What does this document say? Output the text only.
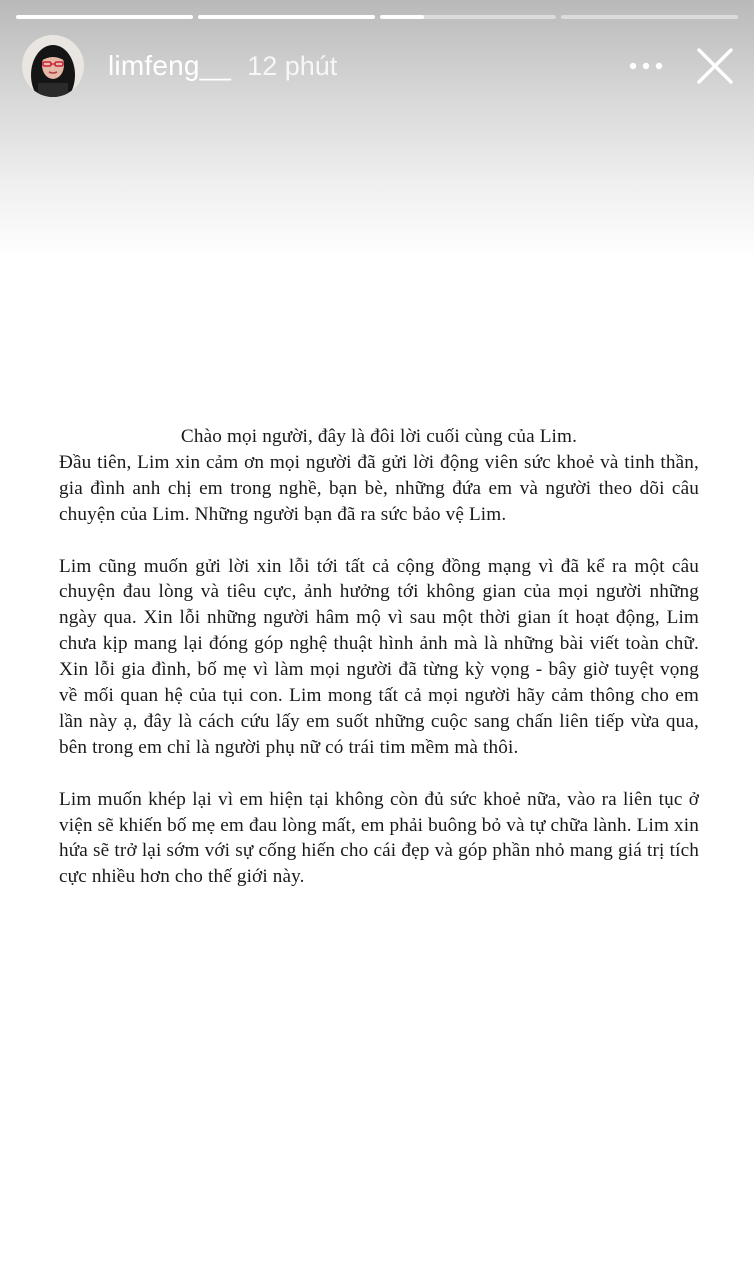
limfeng__ 12 phút

Chào mọi người, đây là đôi lời cuối cùng của Lim.

Đầu tiên, Lim xin cảm ơn mọi người đã gửi lời động viên sức khoẻ và tinh thần, gia đình anh chị em trong nghề, bạn bè, những đứa em và người theo dõi câu chuyện của Lim. Những người bạn đã ra sức bảo vệ Lim.

Lim cũng muốn gửi lời xin lỗi tới tất cả cộng đồng mạng vì đã kể ra một câu chuyện đau lòng và tiêu cực, ảnh hưởng tới không gian của mọi người những ngày qua. Xin lỗi những người hâm mộ vì sau một thời gian ít hoạt động, Lim chưa kịp mang lại đóng góp nghệ thuật hình ảnh mà là những bài viết toàn chữ. Xin lỗi gia đình, bố mẹ vì làm mọi người đã từng kỳ vọng - bây giờ tuyệt vọng về mối quan hệ của tụi con. Lim mong tất cả mọi người hãy cảm thông cho em lần này ạ, đây là cách cứu lấy em suốt những cuộc sang chấn liên tiếp vừa qua, bên trong em chỉ là người phụ nữ có trái tim mềm mà thôi.

Lim muốn khép lại vì em hiện tại không còn đủ sức khoẻ nữa, vào ra liên tục ở viện sẽ khiến bố mẹ em đau lòng mất, em phải buông bỏ và tự chữa lành. Lim xin hứa sẽ trở lại sớm với sự cống hiến cho cái đẹp và góp phần nhỏ mang giá trị tích cực nhiều hơn cho thế giới này.
